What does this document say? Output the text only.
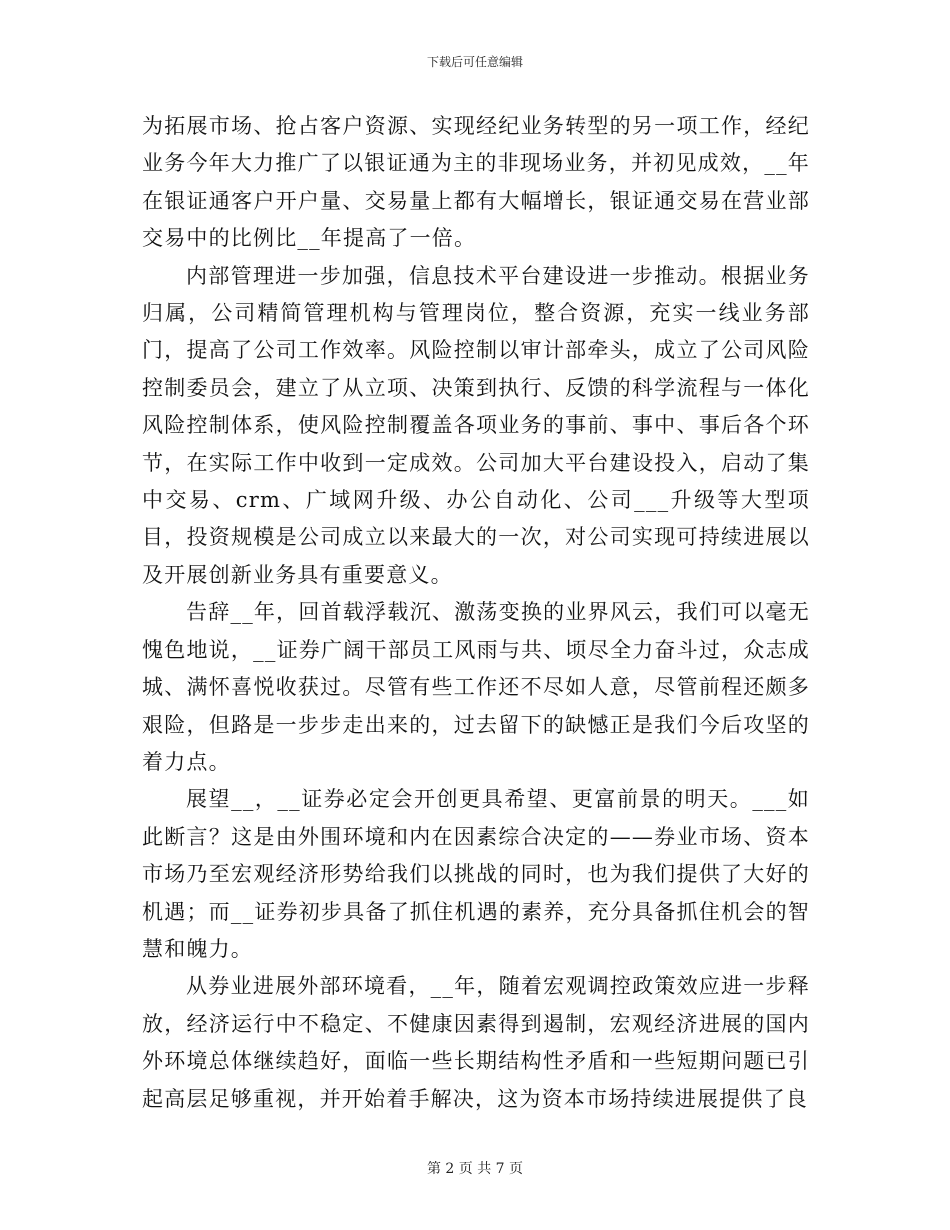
下载后可任意编辑

为拓展市场、抢占客户资源、实现经纪业务转型的另一项工作，经纪业务今年大力推广了以银证通为主的非现场业务，并初见成效，__年在银证通客户开户量、交易量上都有大幅增长，银证通交易在营业部交易中的比例比__年提高了一倍。

内部管理进一步加强，信息技术平台建设进一步推动。根据业务归属，公司精简管理机构与管理岗位，整合资源，充实一线业务部门，提高了公司工作效率。风险控制以审计部牵头，成立了公司风险控制委员会，建立了从立项、决策到执行、反馈的科学流程与一体化风险控制体系，使风险控制覆盖各项业务的事前、事中、事后各个环节，在实际工作中收到一定成效。公司加大平台建设投入，启动了集中交易、crm、广域网升级、办公自动化、公司___升级等大型项目，投资规模是公司成立以来最大的一次，对公司实现可持续进展以及开展创新业务具有重要意义。

告辞__年，回首载浮载沉、激荡变换的业界风云，我们可以毫无愧色地说，__证券广阔干部员工风雨与共、顷尽全力奋斗过，众志成城、满怀喜悦收获过。尽管有些工作还不尽如人意，尽管前程还颇多艰险，但路是一步步走出来的，过去留下的缺憾正是我们今后攻坚的着力点。

展望__，__证券必定会开创更具希望、更富前景的明天。___如此断言？这是由外围环境和内在因素综合决定的——券业市场、资本市场乃至宏观经济形势给我们以挑战的同时，也为我们提供了大好的机遇；而__证券初步具备了抓住机遇的素养，充分具备抓住机会的智慧和魄力。

从券业进展外部环境看，__年，随着宏观调控政策效应进一步释放，经济运行中不稳定、不健康因素得到遏制，宏观经济进展的国内外环境总体继续趋好，面临一些长期结构性矛盾和一些短期问题已引起高层足够重视，并开始着手解决，这为资本市场持续进展提供了良

第 2 页 共 7 页
